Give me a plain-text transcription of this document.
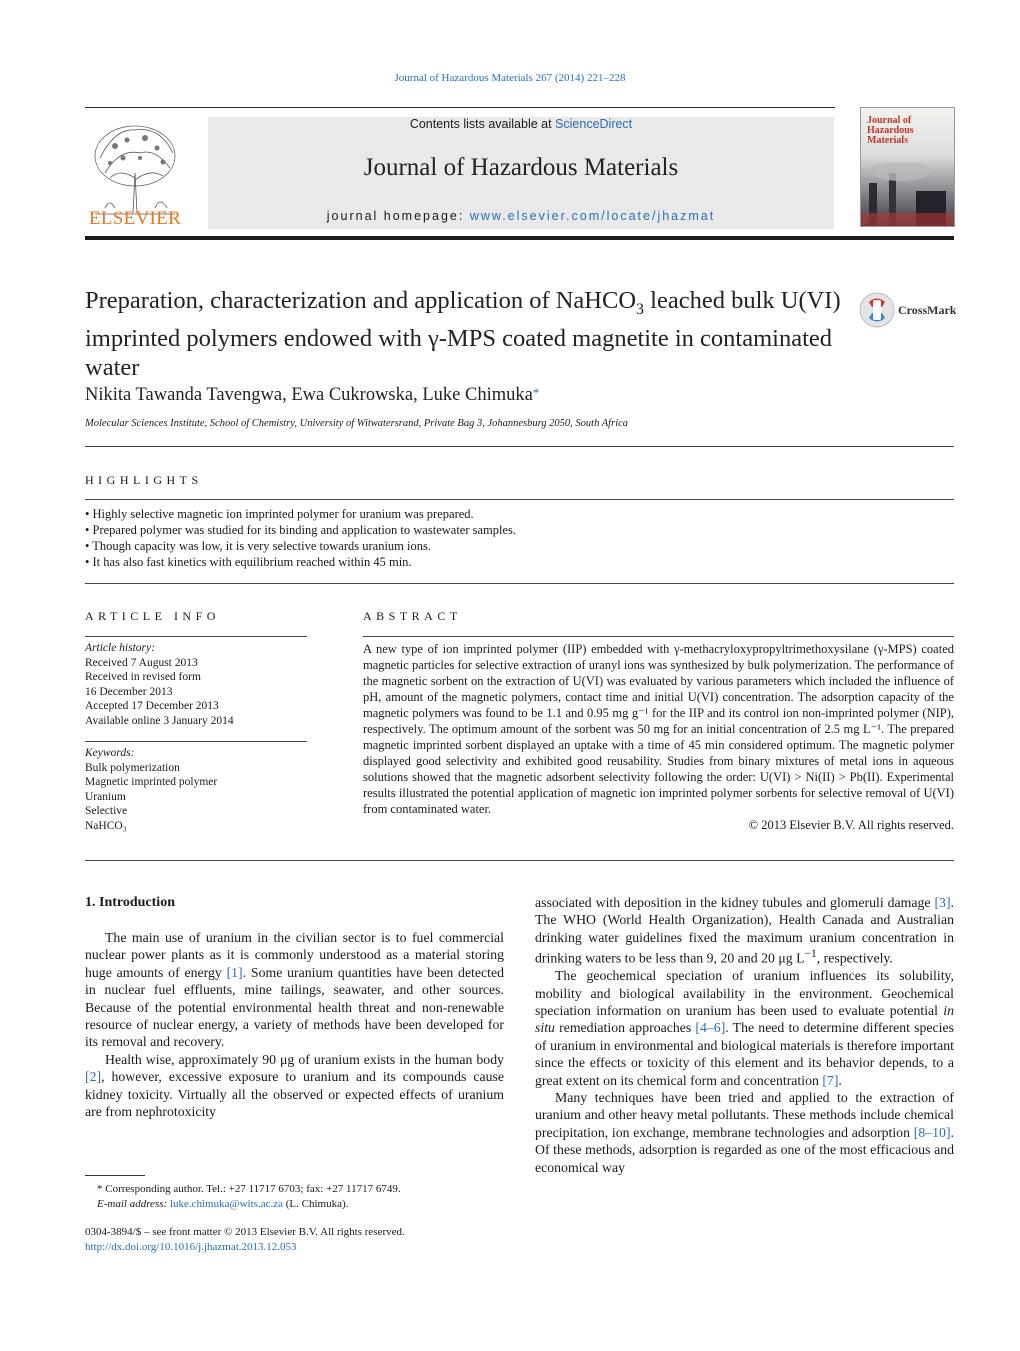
Journal of Hazardous Materials 267 (2014) 221–228
ELSEVIER
Contents lists available at ScienceDirect
Journal of Hazardous Materials
journal homepage: www.elsevier.com/locate/jhazmat
Journal of Hazardous Materials
Preparation, characterization and application of NaHCO$_3$ leached bulk U(VI) imprinted polymers endowed with γ-MPS coated magnetite in contaminated water
CrossMark
Nikita Tawanda Tavengwa, Ewa Cukrowska, Luke Chimuka*
Molecular Sciences Institute, School of Chemistry, University of Witwatersrand, Private Bag 3, Johannesburg 2050, South Africa
HIGHLIGHTS
• Highly selective magnetic ion imprinted polymer for uranium was prepared.
• Prepared polymer was studied for its binding and application to wastewater samples.
• Though capacity was low, it is very selective towards uranium ions.
• It has also fast kinetics with equilibrium reached within 45 min.
ARTICLE INFO
Article history:
Received 7 August 2013
Received in revised form
16 December 2013
Accepted 17 December 2013
Available online 3 January 2014
Keywords:
Bulk polymerization
Magnetic imprinted polymer
Uranium
Selective
NaHCO₃
ABSTRACT
A new type of ion imprinted polymer (IIP) embedded with γ-methacryloxypropyltrimethoxysilane (γ-MPS) coated magnetic particles for selective extraction of uranyl ions was synthesized by bulk polymerization. The performance of the magnetic sorbent on the extraction of U(VI) was evaluated by various parameters which included the influence of pH, amount of the magnetic polymers, contact time and initial U(VI) concentration. The adsorption capacity of the magnetic polymers was found to be 1.1 and 0.95 mg g⁻¹ for the IIP and its control ion non-imprinted polymer (NIP), respectively. The optimum amount of the sorbent was 50 mg for an initial concentration of 2.5 mg L⁻¹. The prepared magnetic imprinted sorbent displayed an uptake with a time of 45 min considered optimum. The magnetic polymer displayed good selectivity and exhibited good reusability. Studies from binary mixtures of metal ions in aqueous solutions showed that the magnetic adsorbent selectivity following the order: U(VI) > Ni(II) > Pb(II). Experimental results illustrated the potential application of magnetic ion imprinted polymer sorbents for selective removal of U(VI) from contaminated water.
© 2013 Elsevier B.V. All rights reserved.
1. Introduction

The main use of uranium in the civilian sector is to fuel commercial nuclear power plants as it is commonly understood as a material storing huge amounts of energy [1]. Some uranium quantities have been detected in nuclear fuel effluents, mine tailings, seawater, and other sources. Because of the potential environmental health threat and non-renewable resource of nuclear energy, a variety of methods have been developed for its removal and recovery.

Health wise, approximately 90 μg of uranium exists in the human body [2], however, excessive exposure to uranium and its compounds cause kidney toxicity. Virtually all the observed or expected effects of uranium are from nephrotoxicity

associated with deposition in the kidney tubules and glomeruli damage [3]. The WHO (World Health Organization), Health Canada and Australian drinking water guidelines fixed the maximum uranium concentration in drinking waters to be less than 9, 20 and 20 μg $L^{-1}$, respectively.

The geochemical speciation of uranium influences its solubility, mobility and biological availability in the environment. Geochemical speciation information on uranium has been used to evaluate potential in situ remediation approaches [4–6]. The need to determine different species of uranium in environmental and biological materials is therefore important since the effects or toxicity of this element and its behavior depends, to a great extent on its chemical form and concentration [7].

Many techniques have been tried and applied to the extraction of uranium and other heavy metal pollutants. These methods include chemical precipitation, ion exchange, membrane technologies and adsorption [8–10]. Of these methods, adsorption is regarded as one of the most efficacious and economical way

* Corresponding author. Tel.: +27 11717 6703; fax: +27 11717 6749.
E-mail address: luke.chimuka@wits.ac.za (L. Chimuka).
0304-3894/$ – see front matter © 2013 Elsevier B.V. All rights reserved.
http://dx.doi.org/10.1016/j.jhazmat.2013.12.053
